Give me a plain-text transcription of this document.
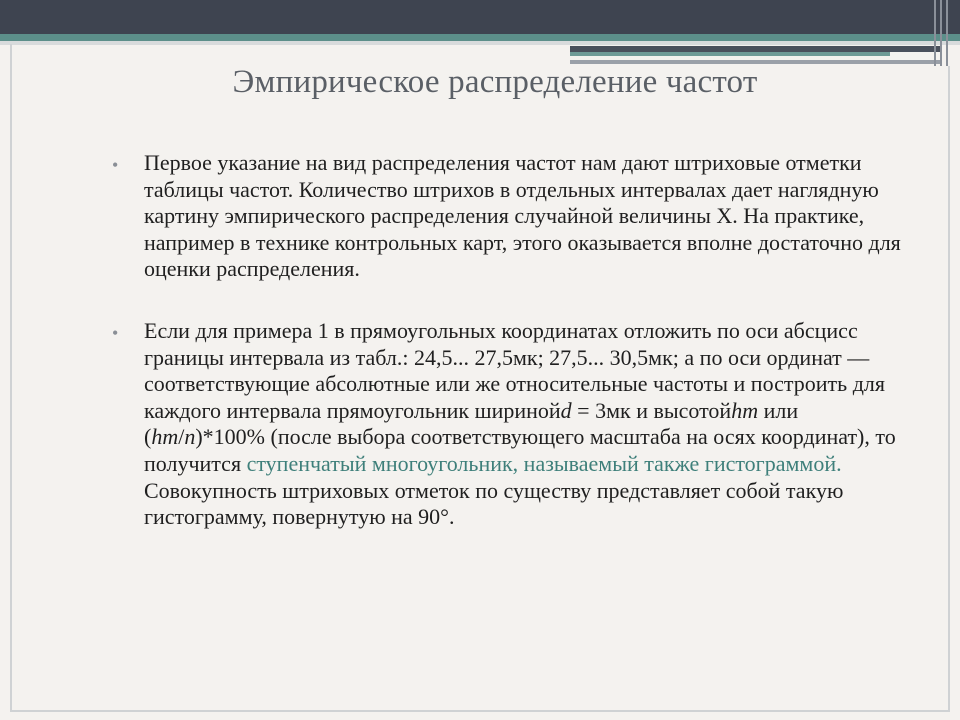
Эмпирическое распределение частот
• Первое указание на вид распределения частот нам дают штриховые отметки таблицы частот. Количество штрихов в отдельных интервалах дает наглядную картину эмпирического распределения случайной величины X. На практике, например в технике контрольных карт, этого оказывается вполне достаточно для оценки распределения.
• Если для примера 1 в прямоугольных координатах отложить по оси абсцисс границы интервала из табл.: 24,5... 27,5мк; 27,5... 30,5мк; а по оси ординат — соответствующие абсолютные или же относительные частоты и построить для каждого интервала прямоугольник ширинойd = 3мк и высотойhm или (hm/n)*100% (после выбора соответствующего масштаба на осях координат), то получится ступенчатый многоугольник, называемый также гистограммой. Совокупность штриховых отметок по существу представляет собой такую гистограмму, повернутую на 90°.
